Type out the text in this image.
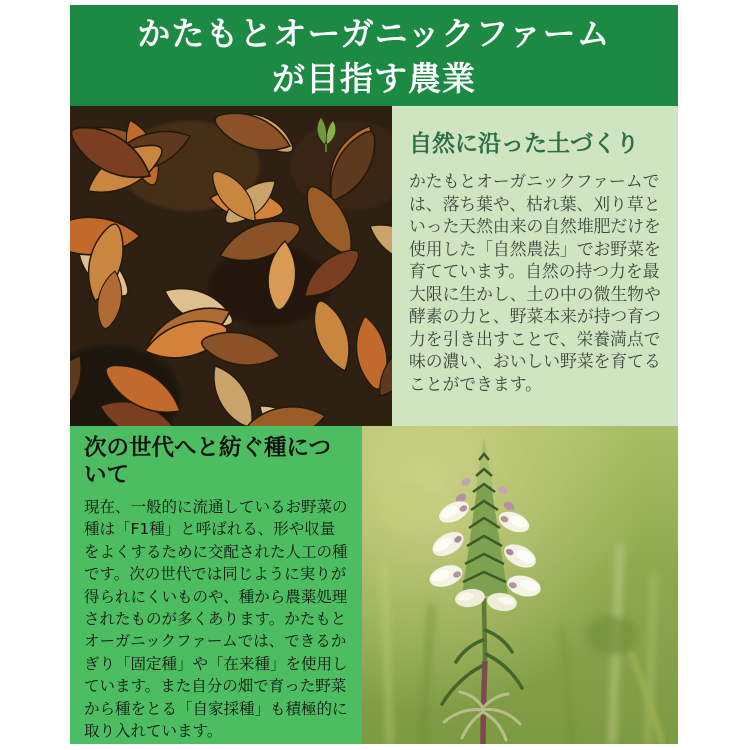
かたもとオーガニックファーム
が目指す農業
自然に沿った土づくり

かたもとオーガニックファームでは、落ち葉や、枯れ葉、刈り草といった天然由来の自然堆肥だけを使用した「自然農法」でお野菜を育てています。自然の持つ力を最大限に生かし、土の中の微生物や酵素の力と、野菜本来が持つ育つ力を引き出すことで、栄養満点で味の濃い、おいしい野菜を育てることができます。

次の世代へと紡ぐ種について

現在、一般的に流通しているお野菜の種は「F1種」と呼ばれる、形や収量をよくするために交配された人工の種です。次の世代では同じように実りが得られにくいものや、種から農薬処理されたものが多くあります。かたもとオーガニックファームでは、できるかぎり「固定種」や「在来種」を使用しています。また自分の畑で育った野菜から種をとる「自家採種」も積極的に取り入れています。
